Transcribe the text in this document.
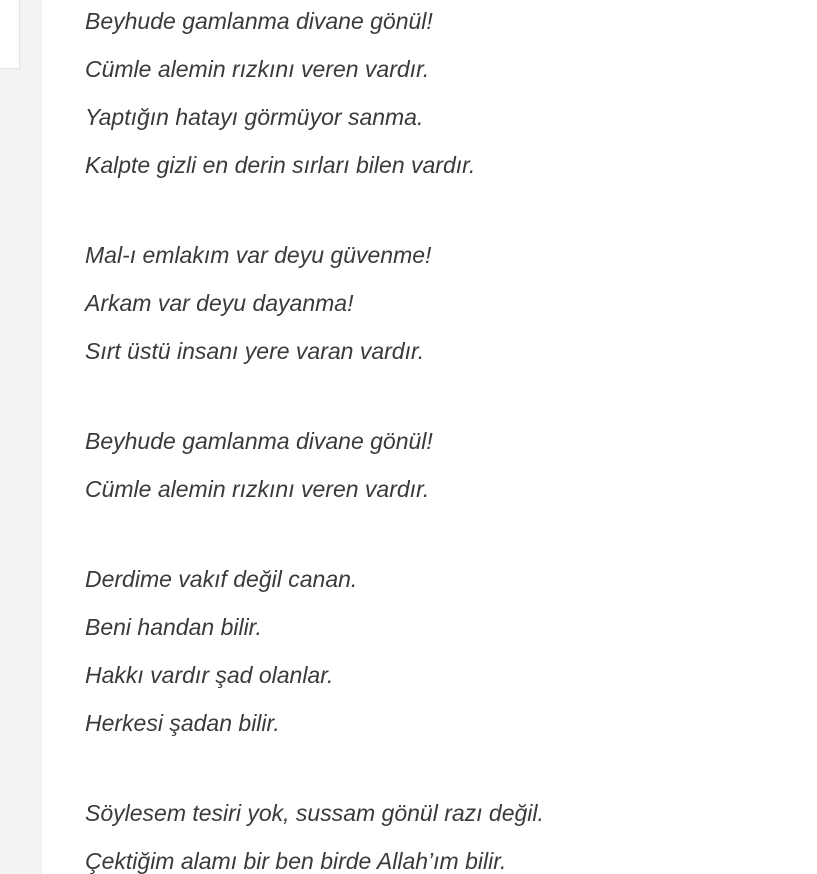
Beyhude gamlanma divane gönül!
Cümle alemin rızkını veren vardır.
Yaptığın hatayı görmüyor sanma.
Kalpte gizli en derin sırları bilen vardır.
Mal-ı emlakım var deyu güvenme!
Arkam var deyu dayanma!
Sırt üstü insanı yere varan vardır.
Beyhude gamlanma divane gönül!
Cümle alemin rızkını veren vardır.
Derdime vakıf değil canan.
Beni handan bilir.
Hakkı vardır şad olanlar.
Herkesi şadan bilir.
Söylesem tesiri yok, sussam gönül razı değil.
Çektiğim alamı bir ben birde Allah’ım bilir.
